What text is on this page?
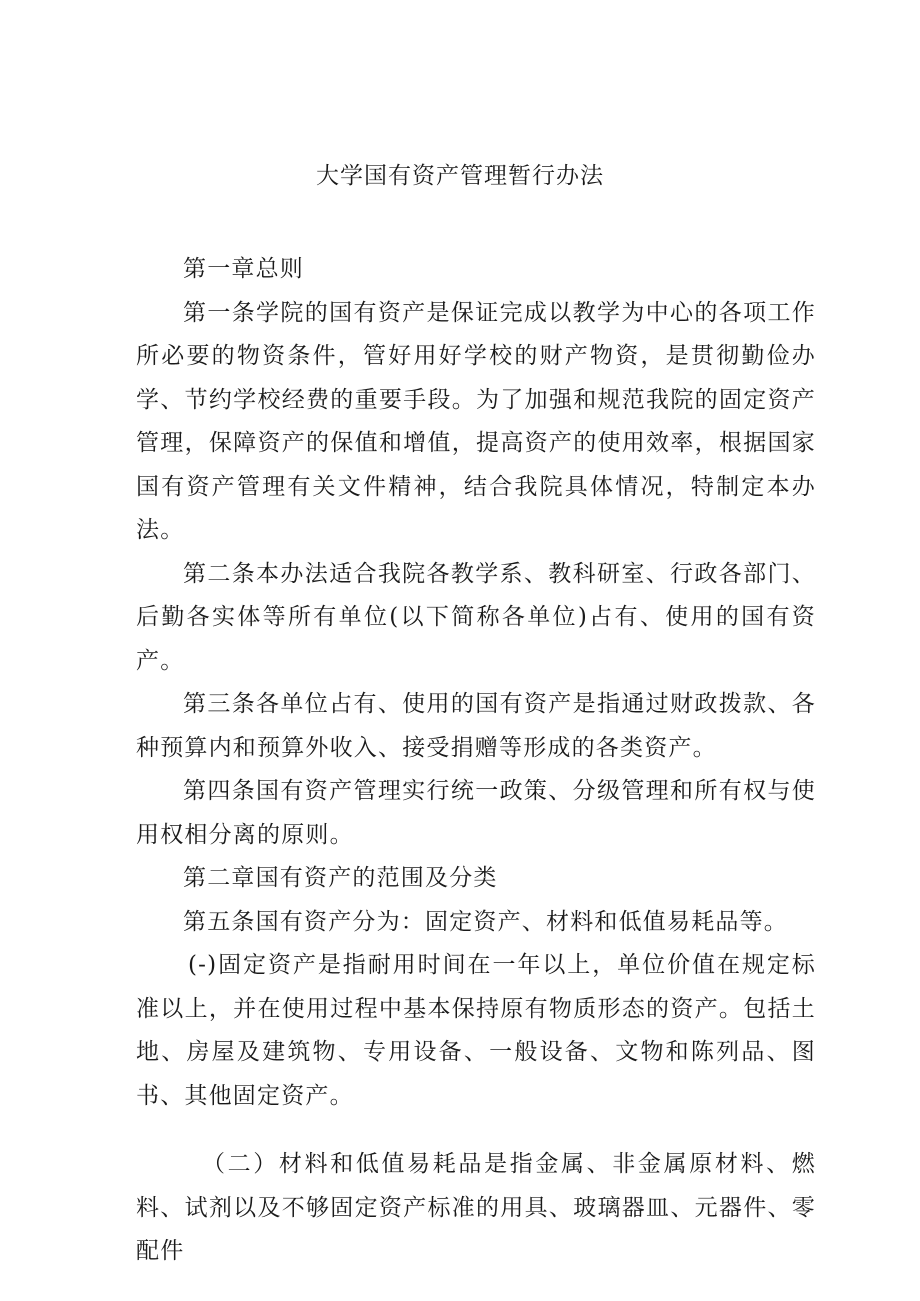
大学国有资产管理暂行办法

第一章总则

第一条学院的国有资产是保证完成以教学为中心的各项工作所必要的物资条件，管好用好学校的财产物资，是贯彻勤俭办学、节约学校经费的重要手段。为了加强和规范我院的固定资产管理，保障资产的保值和增值，提高资产的使用效率，根据国家国有资产管理有关文件精神，结合我院具体情况，特制定本办法。

第二条本办法适合我院各教学系、教科研室、行政各部门、后勤各实体等所有单位(以下简称各单位)占有、使用的国有资产。

第三条各单位占有、使用的国有资产是指通过财政拨款、各种预算内和预算外收入、接受捐赠等形成的各类资产。

第四条国有资产管理实行统一政策、分级管理和所有权与使用权相分离的原则。

第二章国有资产的范围及分类

第五条国有资产分为：固定资产、材料和低值易耗品等。

(-)固定资产是指耐用时间在一年以上，单位价值在规定标准以上，并在使用过程中基本保持原有物质形态的资产。包括土地、房屋及建筑物、专用设备、一般设备、文物和陈列品、图书、其他固定资产。

（二）材料和低值易耗品是指金属、非金属原材料、燃料、试剂以及不够固定资产标准的用具、玻璃器皿、元器件、零配件
